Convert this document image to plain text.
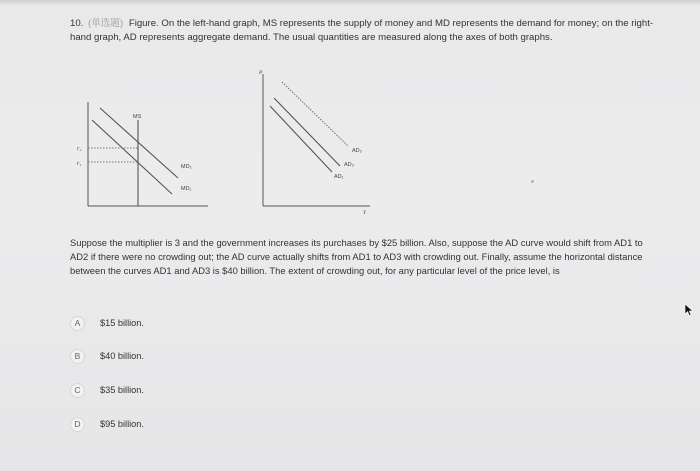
10. (单选题) Figure. On the left-hand graph, MS represents the supply of money and MD represents the demand for money; on the right-hand graph, AD represents aggregate demand. The usual quantities are measured along the axes of both graphs.
MS
r₂
r₁	MD₂
MD₁
P
Y
AD₂
AD₃
AD₁
Suppose the multiplier is 3 and the government increases its purchases by $25 billion. Also, suppose the AD curve would shift from AD1 to AD2 if there were no crowding out; the AD curve actually shifts from AD1 to AD3 with crowding out. Finally, assume the horizontal distance between the curves AD1 and AD3 is $40 billion. The extent of crowding out, for any particular level of the price level, is
A	$15 billion.
B	$40 billion.
C	$35 billion.
D	$95 billion.
